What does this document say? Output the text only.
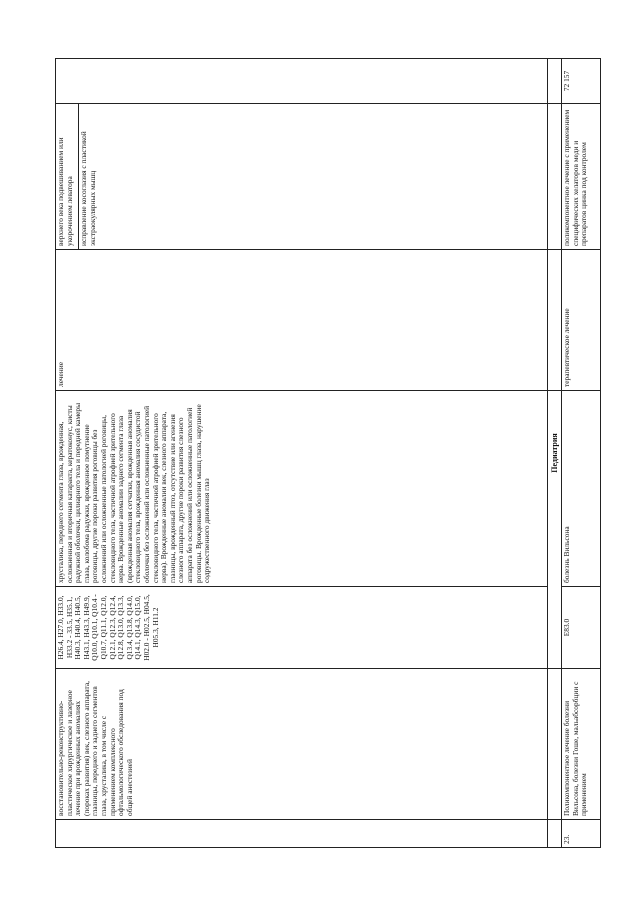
восстановительно-реконструктивно-пластическое хирургическое и лазерное лечение при врожденных аномалиях (пороках развития) век, слезного аппарата, глазницы, переднего и заднего сегментов глаза, хрусталика, в том числе с применением комплексного офтальмологического обследования под общей анестезией
H26.4, H27.0, H33.0, H33.2 - 33.5, H35.1, H40.3, H40.4, H40.5, H43.1, H43.3, H49.9, Q10.0, Q10.1, Q10.4 - Q10.7, Q11.1, Q12.0, Q12.1, Q12.3, Q12.4, Q12.8, Q13.0, Q13.3, Q13.4, Q13.8, Q14.0, Q14.1, Q14.3, Q15.0, H02.0 - H02.5, H04.5, H05.3, H11.2
хрусталика, переднего сегмента глаза, врожденная, осложненная и вторичная катаракта, кератоконус, кисты радужной оболочки, цилиарного тела и передней камеры глаза, колобома радужки, врожденное помутнение роговицы, другие пороки развития роговицы без осложнений или осложненные патологией роговицы, стекловидного тела, частичной атрофией зрительного нерва. Врожденные аномалии заднего сегмента глаза (врожденная аномалия сетчатки, врожденная аномалия стекловидного тела, врожденная аномалия сосудистой оболочки без осложнений или осложненные патологией стекловидного тела, частичной атрофией зрительного нерва). Врожденные аномалии век, слезного аппарата, глазницы, врожденный птоз, отсутствие или агенезия слезного аппарата, другие пороки развития слезного аппарата без осложнений или осложненные патологией роговицы. Врожденные болезни мышц глаза, нарушение содружественного движения глаз
лечение
верхнего века подвешиванием или укорочением леватора исправление косоглазия с пластикой экстраокулярных мышц
Педиатрия
23.
Поликомпонентное лечение болезни Вильсона, болезни Гоше, мальабсорбции с применением
E83.0
болезнь Вильсона
терапевтическое лечение
поликомпонентное лечение с применением специфических хелаторов меди и препаратов цинка под контролем
72 157
